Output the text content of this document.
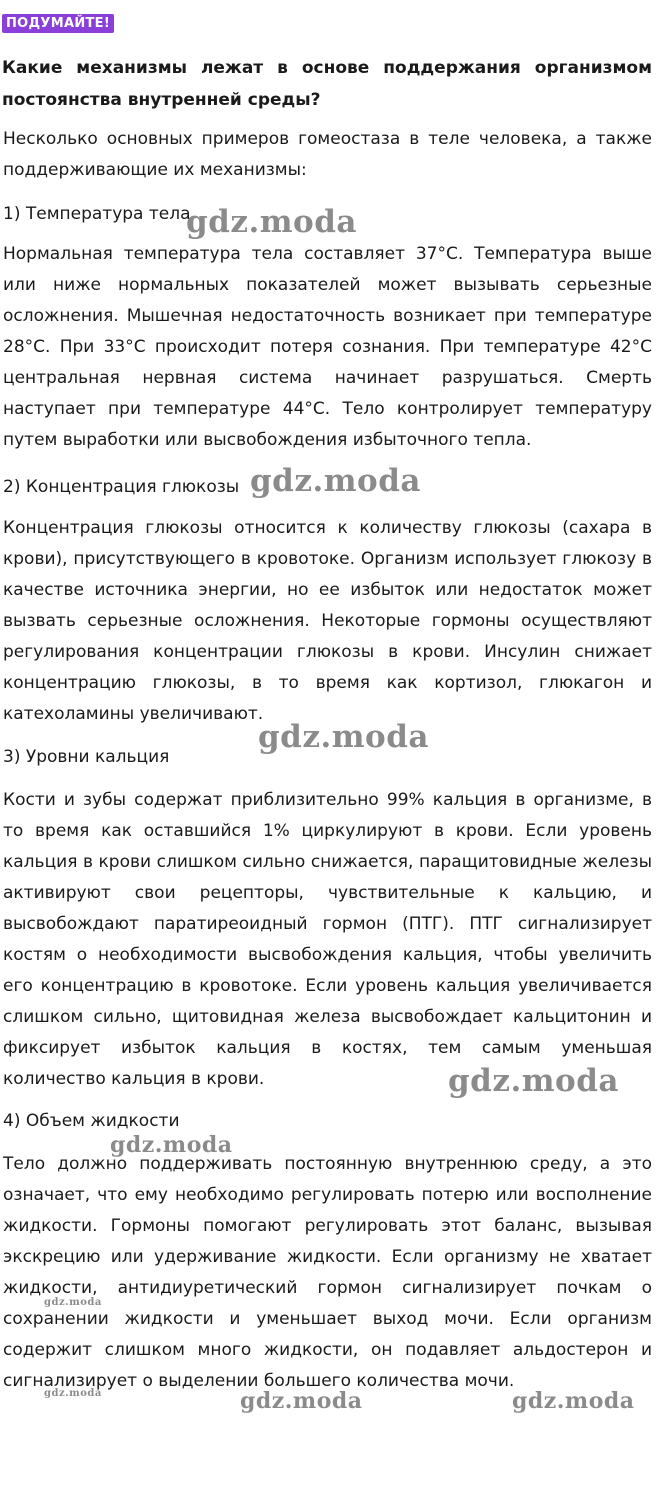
ПОДУМАЙТЕ!
Какие механизмы лежат в основе поддержания организмом постоянства внутренней среды?
Несколько основных примеров гомеостаза в теле человека, а также поддерживающие их механизмы:
1) Температура тела
Нормальная температура тела составляет 37°С. Температура выше или ниже нормальных показателей может вызывать серьезные осложнения. Мышечная недостаточность возникает при температуре 28°С. При 33°С происходит потеря сознания. При температуре 42°С центральная нервная система начинает разрушаться. Смерть наступает при температуре 44°С. Тело контролирует температуру путем выработки или высвобождения избыточного тепла.
2) Концентрация глюкозы
Концентрация глюкозы относится к количеству глюкозы (сахара в крови), присутствующего в кровотоке. Организм использует глюкозу в качестве источника энергии, но ее избыток или недостаток может вызвать серьезные осложнения. Некоторые гормоны осуществляют регулирования концентрации глюкозы в крови. Инсулин снижает концентрацию глюкозы, в то время как кортизол, глюкагон и катехоламины увеличивают.
3) Уровни кальция
Кости и зубы содержат приблизительно 99% кальция в организме, в то время как оставшийся 1% циркулируют в крови. Если уровень кальция в крови слишком сильно снижается, паращитовидные железы активируют свои рецепторы, чувствительные к кальцию, и высвобождают паратиреоидный гормон (ПТГ). ПТГ сигнализирует костям о необходимости высвобождения кальция, чтобы увеличить его концентрацию в кровотоке. Если уровень кальция увеличивается слишком сильно, щитовидная железа высвобождает кальцитонин и фиксирует избыток кальция в костях, тем самым уменьшая количество кальция в крови.
4) Объем жидкости
Тело должно поддерживать постоянную внутреннюю среду, а это означает, что ему необходимо регулировать потерю или восполнение жидкости. Гормоны помогают регулировать этот баланс, вызывая экскрецию или удерживание жидкости. Если организму не хватает жидкости, антидиуретический гормон сигнализирует почкам о сохранении жидкости и уменьшает выход мочи. Если организм содержит слишком много жидкости, он подавляет альдостерон и сигнализирует о выделении большего количества мочи.
gdz.moda
gdz.moda
gdz.moda
gdz.moda
gdz.moda
gdz.moda	gdz.moda
gdz.moda
gdz.moda
